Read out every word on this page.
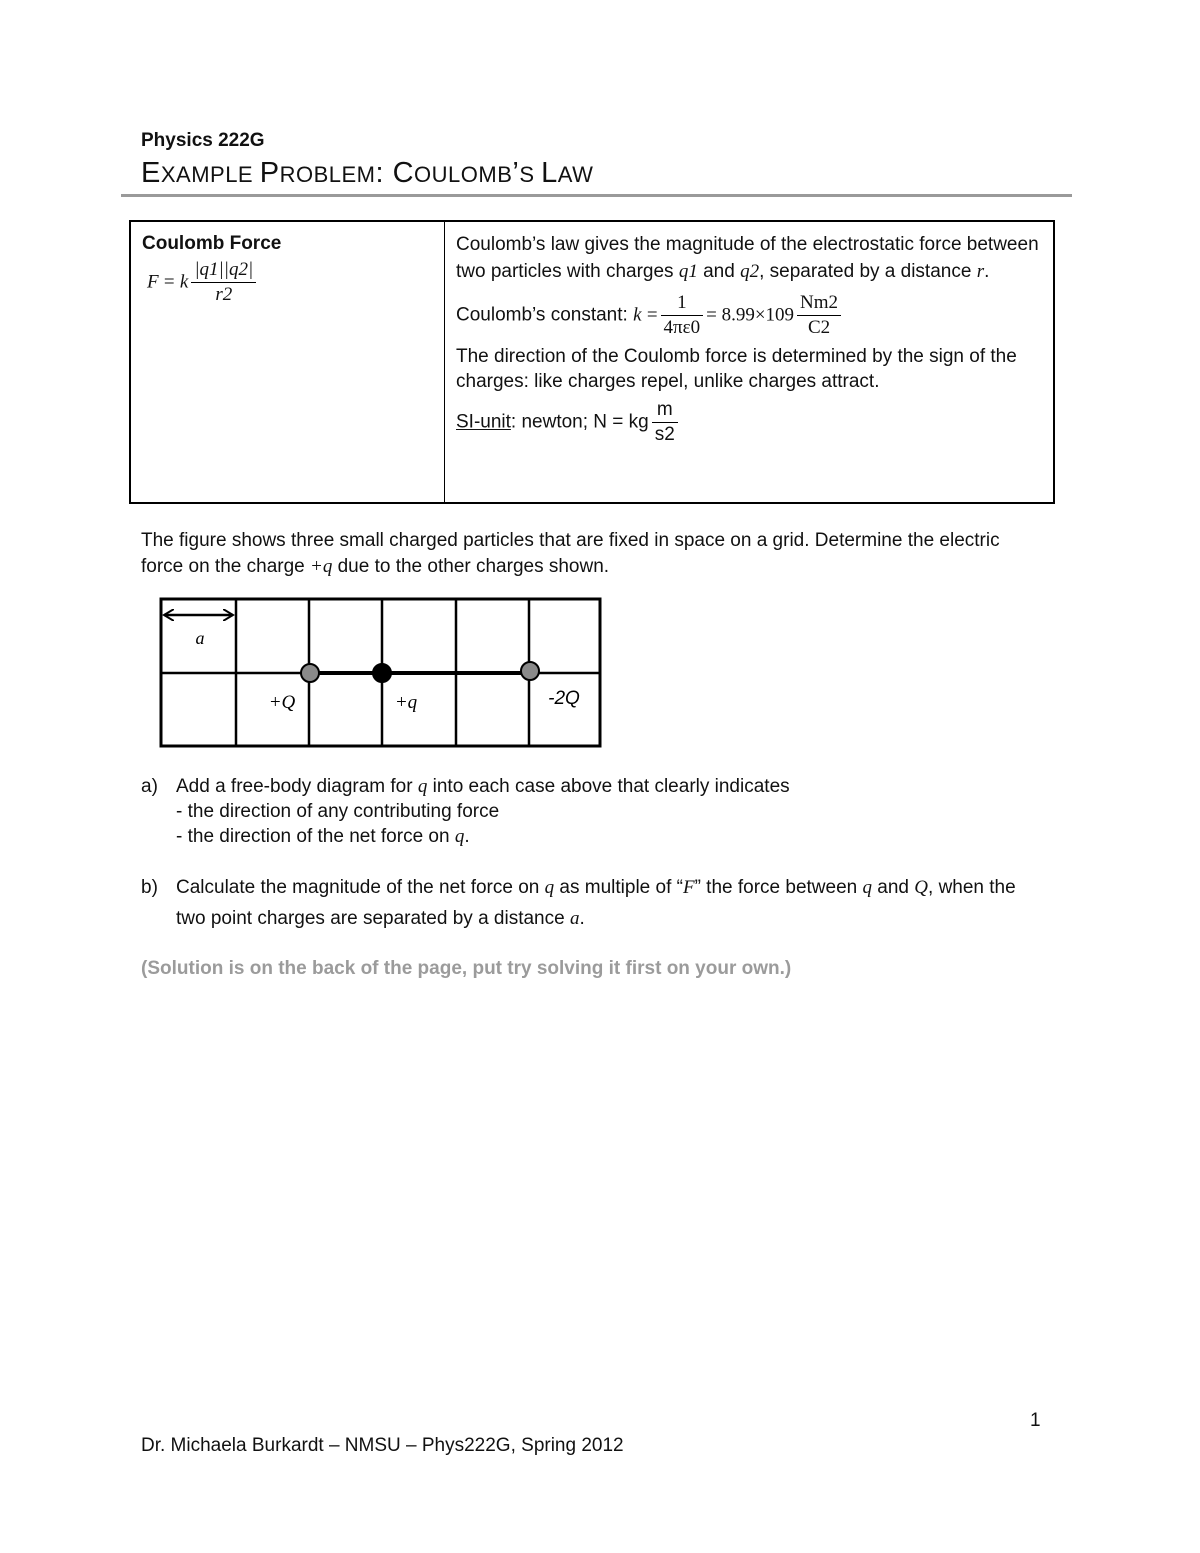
Physics 222G
EXAMPLE PROBLEM: COULOMB’S LAW
Coulomb Force
F = k $\frac{|q1||q2|}{r2}$
Coulomb’s law gives the magnitude of the electrostatic force between two particles with charges q1 and q2, separated by a distance r.
Coulomb’s constant: $k = \frac{1}{4\pi\varepsilon 0} = 8.99\times 109 \frac{Nm2}{C2}$
The direction of the Coulomb force is determined by the sign of the charges: like charges repel, unlike charges attract.
SI-unit: newton; N = kg $\frac{m}{s2}$
The figure shows three small charged particles that are fixed in space on a grid. Determine the electric force on the charge +q due to the other charges shown.
a
+Q	+q	-2Q
a) Add a free-body diagram for q into each case above that clearly indicates
- the direction of any contributing force
- the direction of the net force on q.
b) Calculate the magnitude of the net force on q as multiple of “F” the force between q and Q, when the two point charges are separated by a distance a.
(Solution is on the back of the page, put try solving it first on your own.)
1
Dr. Michaela Burkardt – NMSU – Phys222G, Spring 2012
